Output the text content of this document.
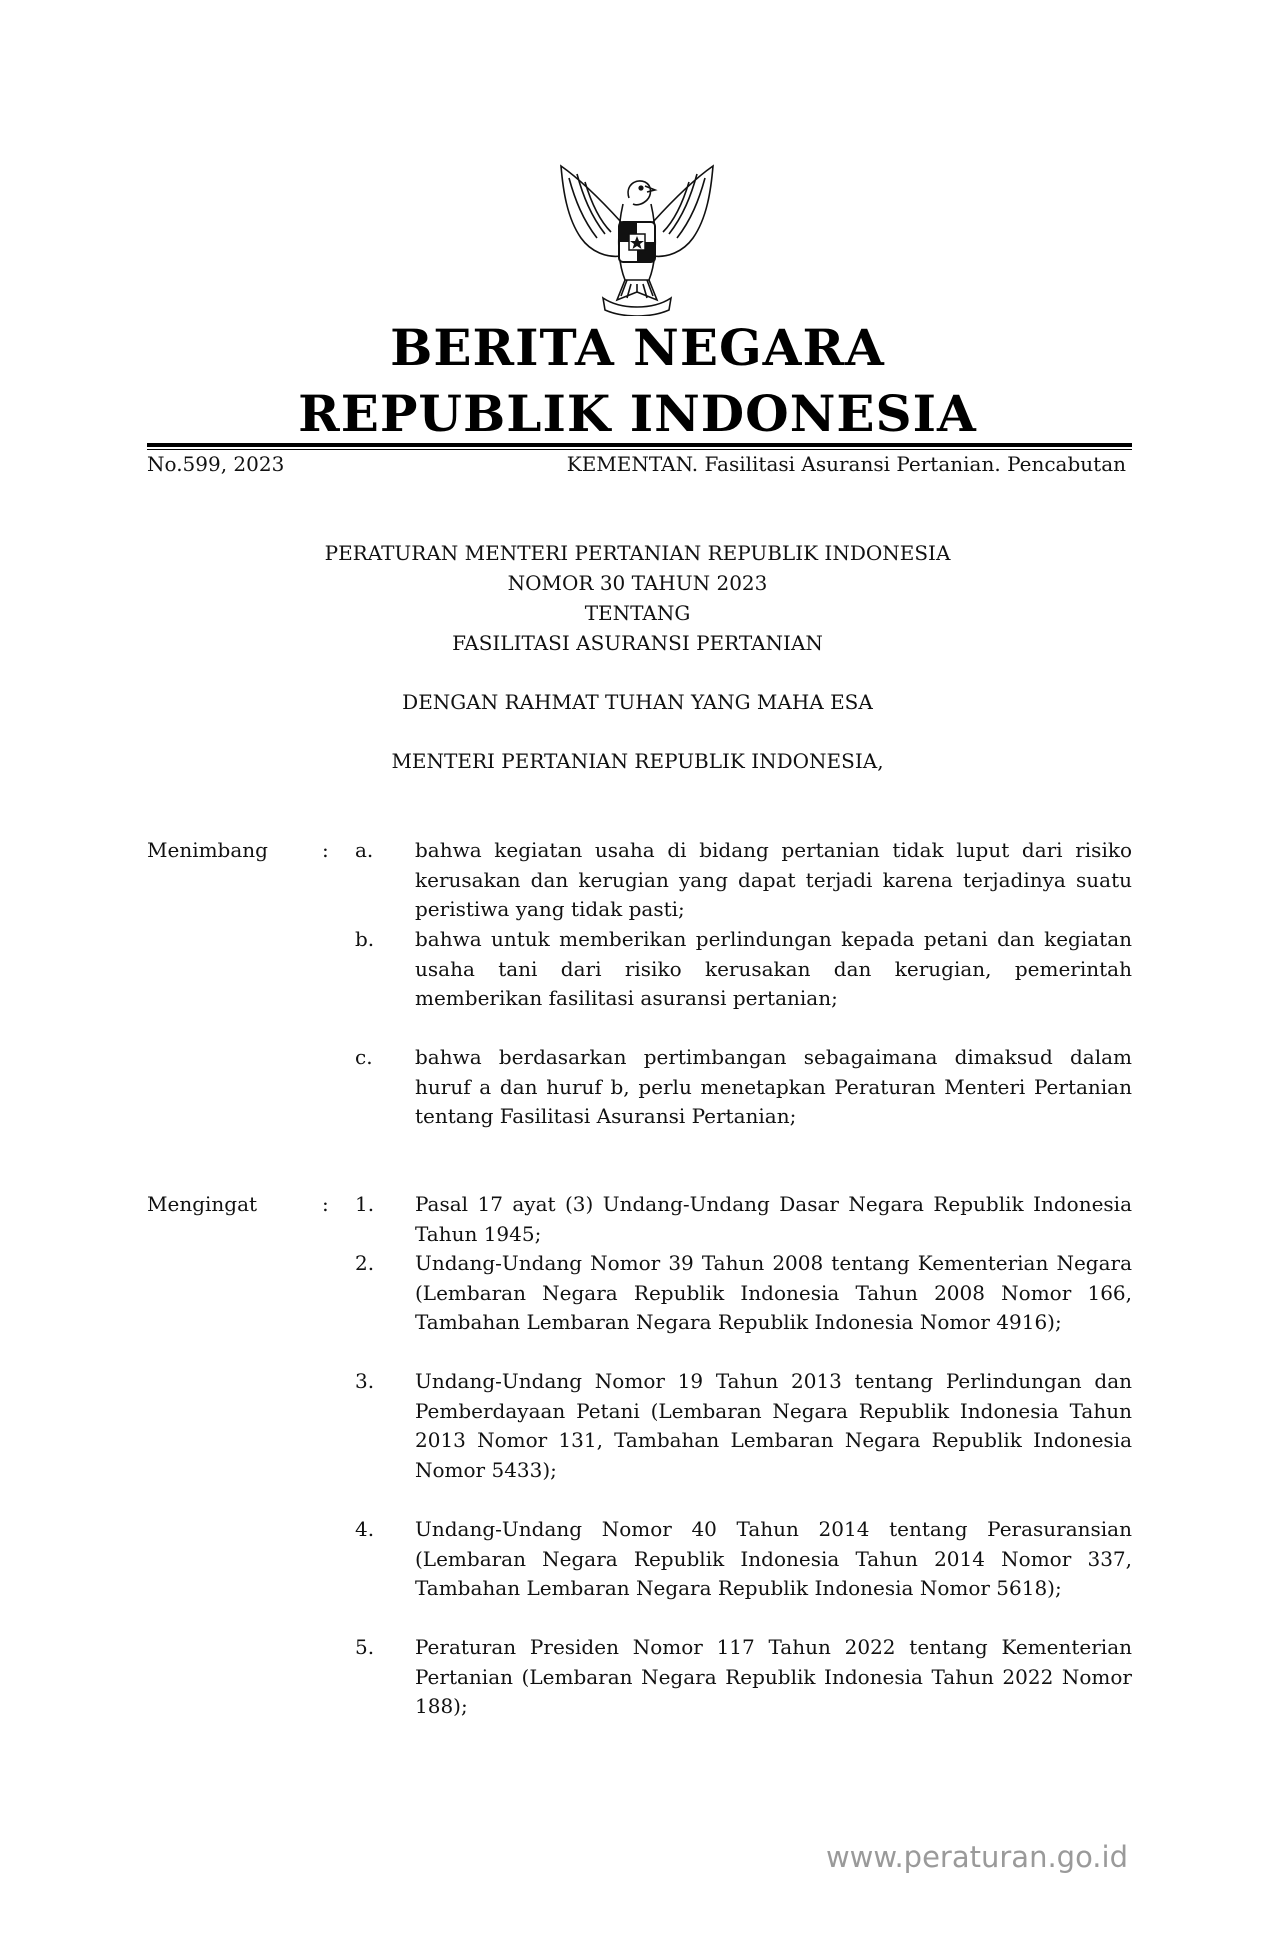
BERITA NEGARA
REPUBLIK INDONESIA
No.599, 2023	KEMENTAN. Fasilitasi Asuransi Pertanian. Pencabutan
PERATURAN MENTERI PERTANIAN REPUBLIK INDONESIA
NOMOR 30 TAHUN 2023
TENTANG
FASILITASI ASURANSI PERTANIAN
DENGAN RAHMAT TUHAN YANG MAHA ESA
MENTERI PERTANIAN REPUBLIK INDONESIA,
Menimbang	: a. bahwa kegiatan usaha di bidang pertanian tidak luput dari risiko kerusakan dan kerugian yang dapat terjadi karena terjadinya suatu peristiwa yang tidak pasti;
b. bahwa untuk memberikan perlindungan kepada petani dan kegiatan usaha tani dari risiko kerusakan dan kerugian, pemerintah memberikan fasilitasi asuransi pertanian;
c. bahwa berdasarkan pertimbangan sebagaimana dimaksud dalam huruf a dan huruf b, perlu menetapkan Peraturan Menteri Pertanian tentang Fasilitasi Asuransi Pertanian;
Mengingat	: 1. Pasal 17 ayat (3) Undang-Undang Dasar Negara Republik Indonesia Tahun 1945;
2. Undang-Undang Nomor 39 Tahun 2008 tentang Kementerian Negara (Lembaran Negara Republik Indonesia Tahun 2008 Nomor 166, Tambahan Lembaran Negara Republik Indonesia Nomor 4916);
3. Undang-Undang Nomor 19 Tahun 2013 tentang Perlindungan dan Pemberdayaan Petani (Lembaran Negara Republik Indonesia Tahun 2013 Nomor 131, Tambahan Lembaran Negara Republik Indonesia Nomor 5433);
4. Undang-Undang Nomor 40 Tahun 2014 tentang Perasuransian (Lembaran Negara Republik Indonesia Tahun 2014 Nomor 337, Tambahan Lembaran Negara Republik Indonesia Nomor 5618);
5. Peraturan Presiden Nomor 117 Tahun 2022 tentang Kementerian Pertanian (Lembaran Negara Republik Indonesia Tahun 2022 Nomor 188);
www.peraturan.go.id
